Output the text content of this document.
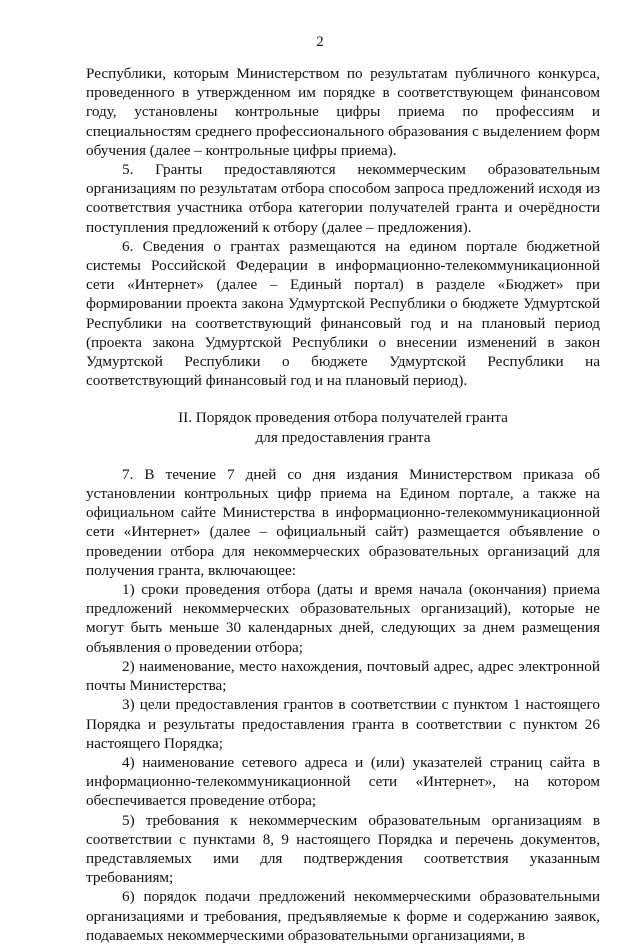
2

Республики, которым Министерством по результатам публичного конкурса, проведенного в утвержденном им порядке в соответствующем финансовом году, установлены контрольные цифры приема по профессиям и специальностям среднего профессионального образования с выделением форм обучения (далее – контрольные цифры приема).

5. Гранты предоставляются некоммерческим образовательным организациям по результатам отбора способом запроса предложений исходя из соответствия участника отбора категории получателей гранта и очерёдности поступления предложений к отбору (далее – предложения).

6. Сведения о грантах размещаются на едином портале бюджетной системы Российской Федерации в информационно-телекоммуникационной сети «Интернет» (далее – Единый портал) в разделе «Бюджет» при формировании проекта закона Удмуртской Республики о бюджете Удмуртской Республики на соответствующий финансовый год и на плановый период (проекта закона Удмуртской Республики о внесении изменений в закон Удмуртской Республики о бюджете Удмуртской Республики на соответствующий финансовый год и на плановый период).

II. Порядок проведения отбора получателей гранта
для предоставления гранта

7. В течение 7 дней со дня издания Министерством приказа об установлении контрольных цифр приема на Едином портале, а также на официальном сайте Министерства в информационно-телекоммуникационной сети «Интернет» (далее – официальный сайт) размещается объявление о проведении отбора для некоммерческих образовательных организаций для получения гранта, включающее:

1) сроки проведения отбора (даты и время начала (окончания) приема предложений некоммерческих образовательных организаций), которые не могут быть меньше 30 календарных дней, следующих за днем размещения объявления о проведении отбора;

2) наименование, место нахождения, почтовый адрес, адрес электронной почты Министерства;

3) цели предоставления грантов в соответствии с пунктом 1 настоящего Порядка и результаты предоставления гранта в соответствии с пунктом 26 настоящего Порядка;

4) наименование сетевого адреса и (или) указателей страниц сайта в информационно-телекоммуникационной сети «Интернет», на котором обеспечивается проведение отбора;

5) требования к некоммерческим образовательным организациям в соответствии с пунктами 8, 9 настоящего Порядка и перечень документов, представляемых ими для подтверждения соответствия указанным требованиям;

6) порядок подачи предложений некоммерческими образовательными организациями и требования, предъявляемые к форме и содержанию заявок, подаваемых некоммерческими образовательными организациями, в
